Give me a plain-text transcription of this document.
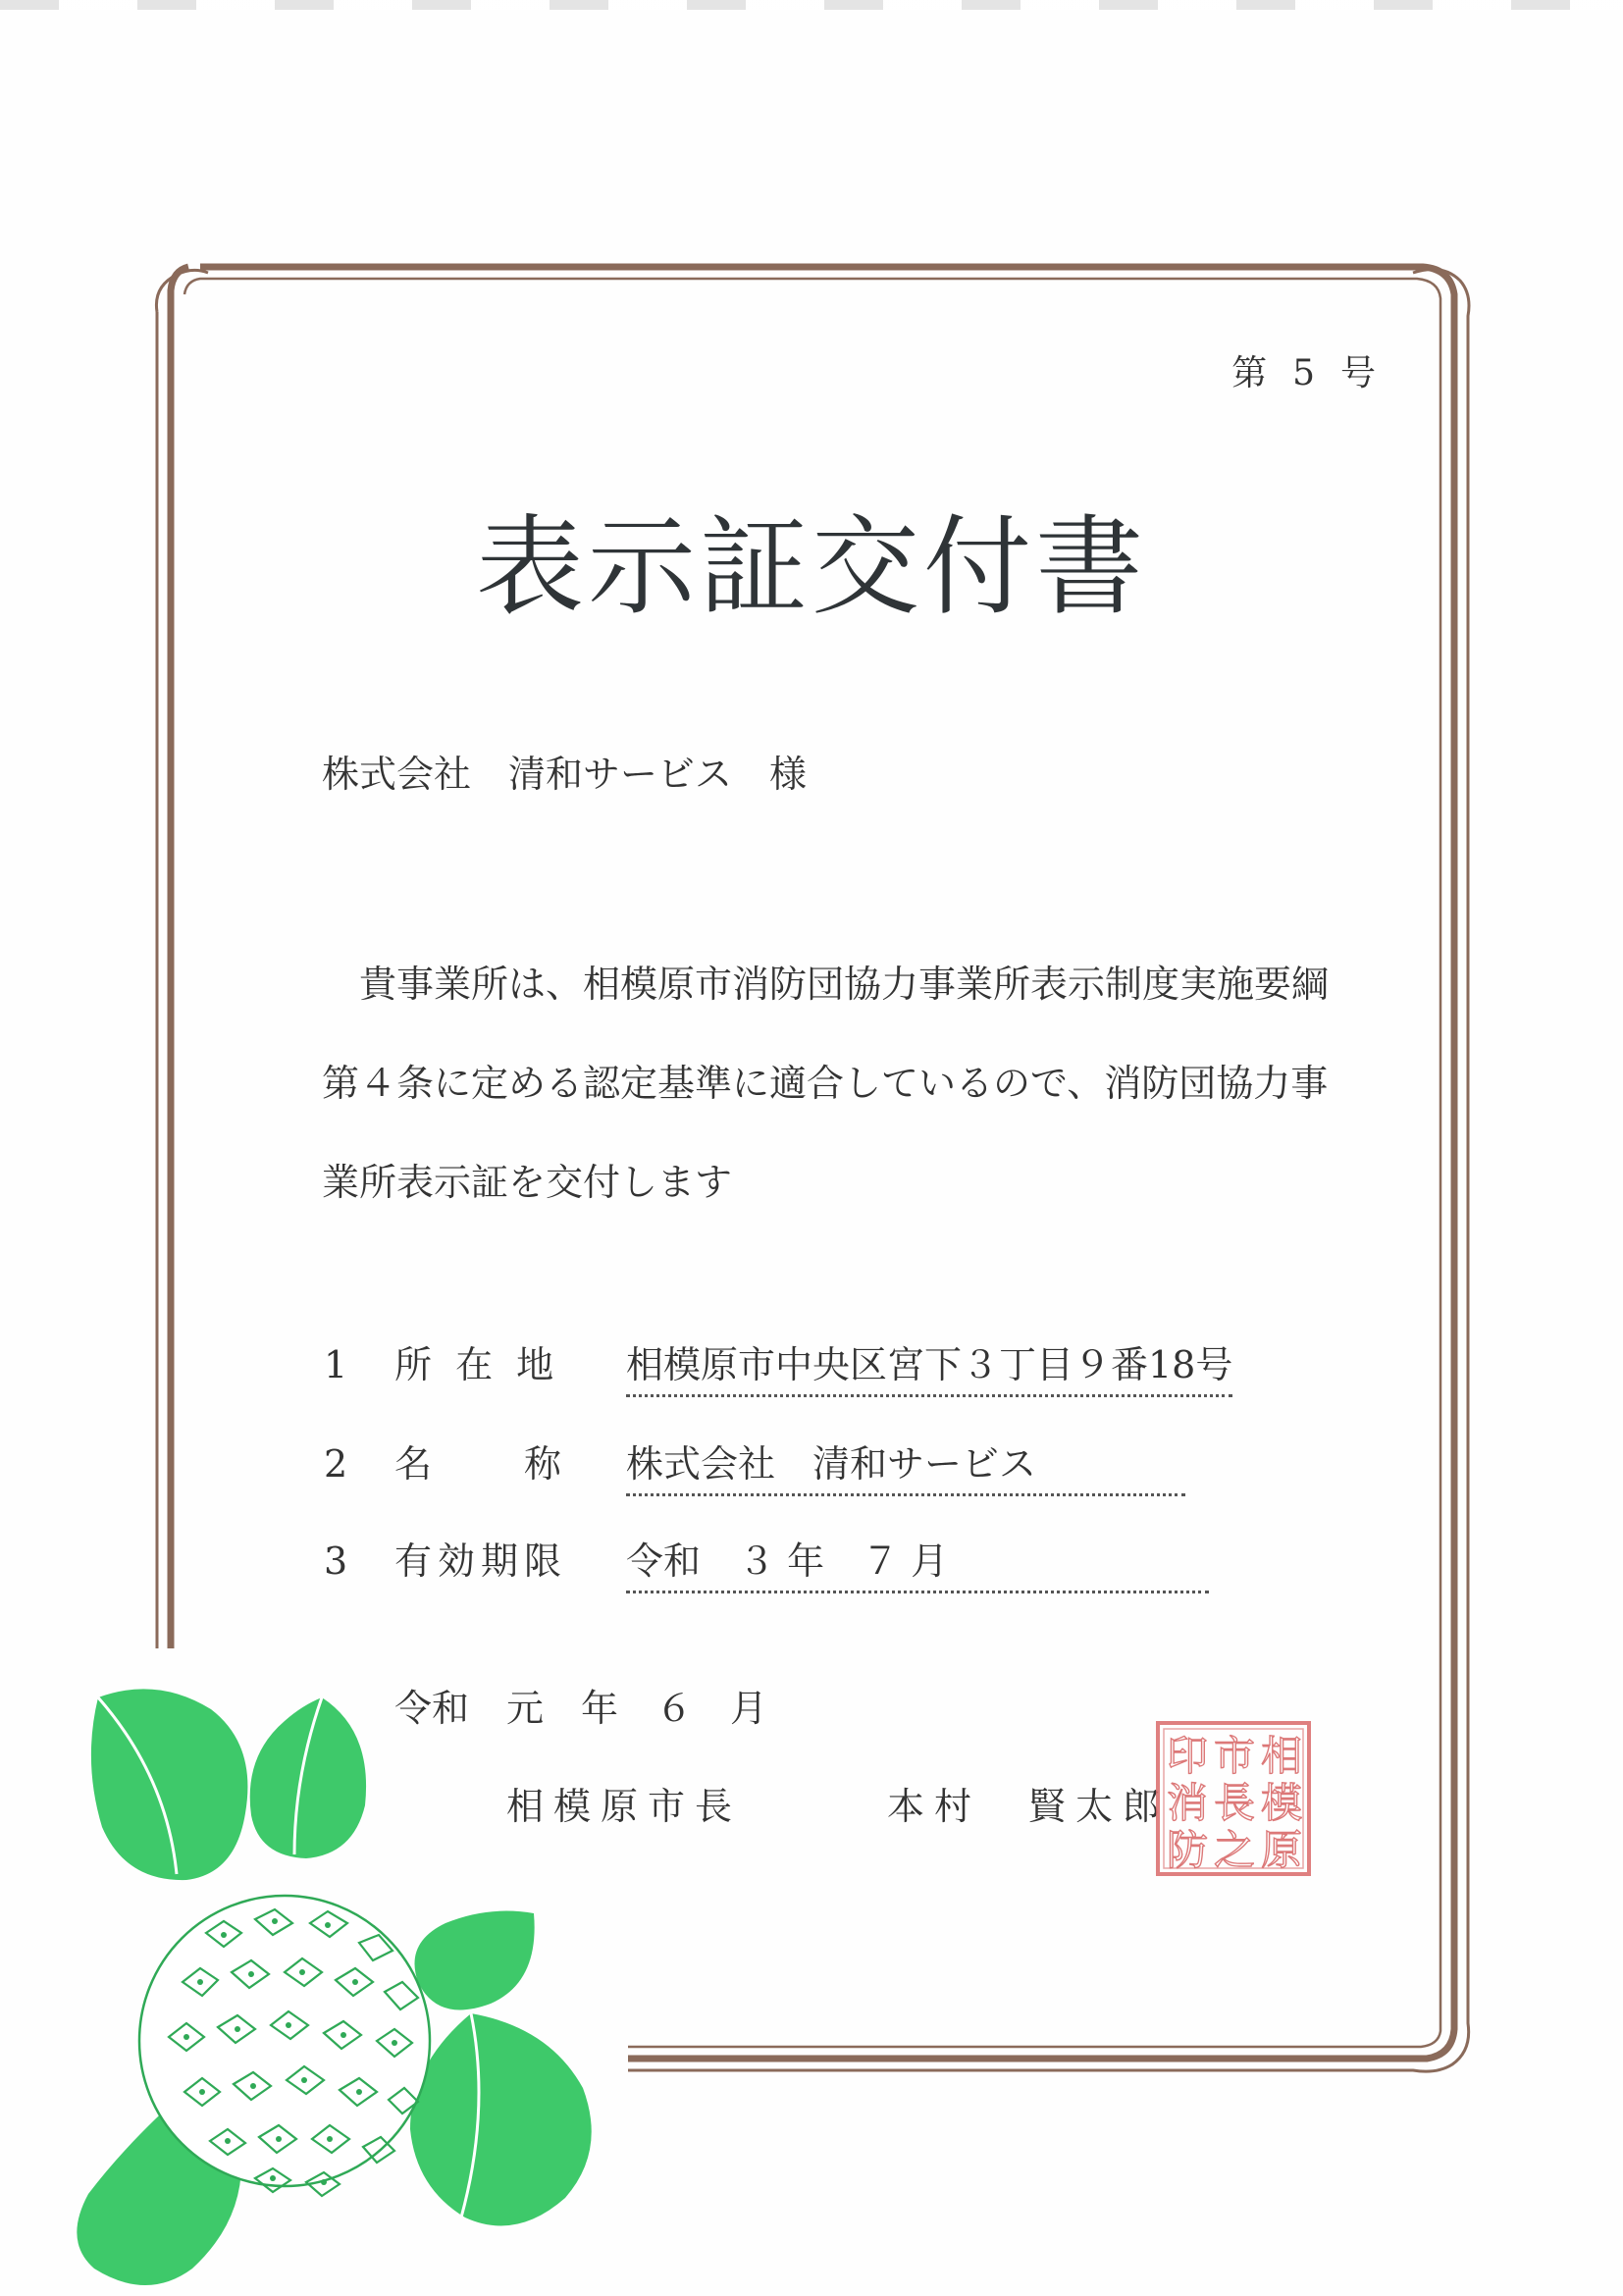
第 5 号
表示証交付書
株式会社　清和サービス　様

　貴事業所は、相模原市消防団協力事業所表示制度実施要綱

第４条に定める認定基準に適合しているので、消防団協力事

業所表示証を交付します

1 所 在 地 相模原市中央区宮下３丁目９番18号
2 名　　称 株式会社　清和サービス　　　　
3 有効期限 令和　３ 年　７ 月　　　　　　　
令和　元　年　６　月
相模原市長	本村　賢太郎
相
模
原
市
長
之
印
消
防
